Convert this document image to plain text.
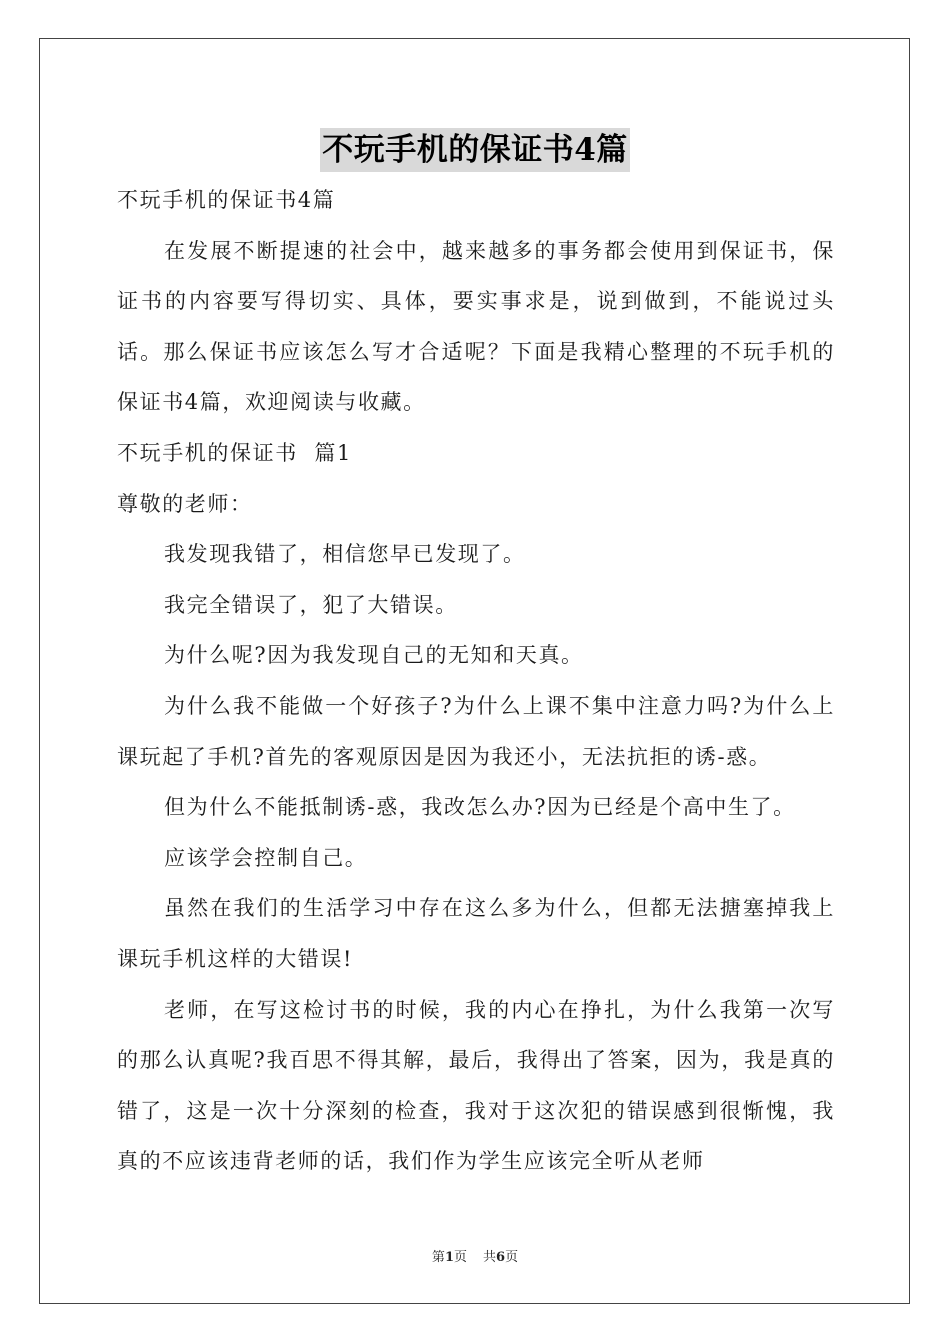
不玩手机的保证书4篇

不玩手机的保证书4篇

在发展不断提速的社会中，越来越多的事务都会使用到保证书，保证书的内容要写得切实、具体，要实事求是，说到做到，不能说过头话。那么保证书应该怎么写才合适呢？下面是我精心整理的不玩手机的保证书4篇，欢迎阅读与收藏。

不玩手机的保证书  篇1

尊敬的老师：

我发现我错了，相信您早已发现了。

我完全错误了，犯了大错误。

为什么呢?因为我发现自己的无知和天真。

为什么我不能做一个好孩子?为什么上课不集中注意力吗?为什么上课玩起了手机?首先的客观原因是因为我还小，无法抗拒的诱-惑。

但为什么不能抵制诱-惑，我改怎么办?因为已经是个高中生了。

应该学会控制自己。

虽然在我们的生活学习中存在这么多为什么，但都无法搪塞掉我上课玩手机这样的大错误!

老师，在写这检讨书的时候，我的内心在挣扎，为什么我第一次写的那么认真呢?我百思不得其解，最后，我得出了答案，因为，我是真的错了，这是一次十分深刻的检查，我对于这次犯的错误感到很惭愧，我真的不应该违背老师的话，我们作为学生应该完全听从老师

第1页 共6页
